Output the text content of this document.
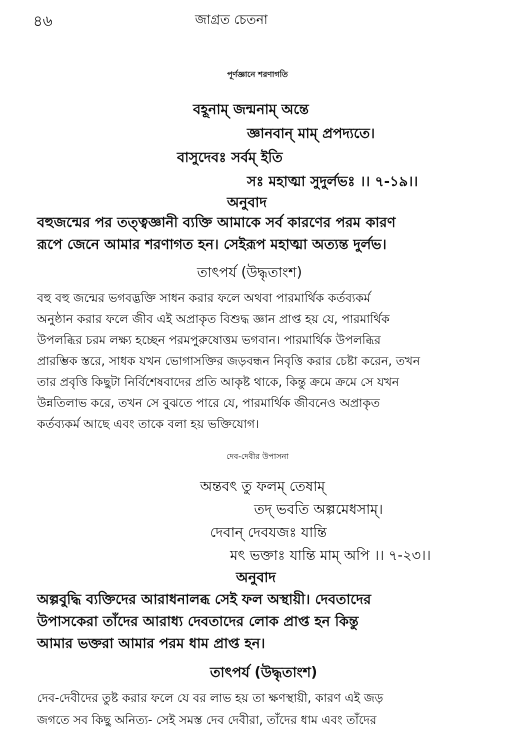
৪৬	জাগ্রত চেতনা
পূর্ণজ্ঞানে শরণাগতি
বহূনাম্ জন্মনাম্ অন্তে
জ্ঞানবান্ মাম্ প্রপদ্যতে।
বাসুদেবঃ সর্বম্ ইতি
সঃ মহাত্মা সুদুর্লভঃ ।। ৭-১৯।।
অনুবাদ
বহুজন্মের পর তত্ত্বজ্ঞানী ব্যক্তি আমাকে সর্ব কারণের পরম কারণ
রূপে জেনে আমার শরণাগত হন। সেইরূপ মহাত্মা অত্যন্ত দুর্লভ।
তাৎপর্য (উদ্ধৃতাংশ)
বহু বহু জন্মের ভগবদ্ভক্তি সাধন করার ফলে অথবা পারমার্থিক কর্তব্যকর্ম
অনুষ্ঠান করার ফলে জীব এই অপ্রাকৃত বিশুদ্ধ জ্ঞান প্রাপ্ত হয় যে, পারমার্থিক
উপলব্ধির চরম লক্ষ্য হচ্ছেন পরমপুরুষোত্তম ভগবান। পারমার্থিক উপলব্ধির
প্রারম্ভিক স্তরে, সাধক যখন ভোগাসক্তির জড়বন্ধন নিবৃত্তি করার চেষ্টা করেন, তখন
তার প্রবৃত্তি কিছুটা নির্বিশেষবাদের প্রতি আকৃষ্ট থাকে, কিন্তু ক্রমে ক্রমে সে যখন
উন্নতিলাভ করে, তখন সে বুঝতে পারে যে, পারমার্থিক জীবনেও অপ্রাকৃত
কর্তব্যকর্ম আছে এবং তাকে বলা হয় ভক্তিযোগ।
দেব-দেবীর উপাসনা
অন্তবৎ তু ফলম্ তেষাম্
তদ্ ভবতি অল্পমেধসাম্।
দেবান্ দেবযজঃ যান্তি
মৎ ভক্তাঃ যান্তি মাম্ অপি ।। ৭-২৩।।
অনুবাদ
অল্পবুদ্ধি ব্যক্তিদের আরাধনালব্ধ সেই ফল অস্থায়ী। দেবতাদের
উপাসকেরা তাঁদের আরাধ্য দেবতাদের লোক প্রাপ্ত হন কিন্তু
আমার ভক্তরা আমার পরম ধাম প্রাপ্ত হন।
তাৎপর্য (উদ্ধৃতাংশ)
দেব-দেবীদের তুষ্ট করার ফলে যে বর লাভ হয় তা ক্ষণস্থায়ী, কারণ এই জড়
জগতে সব কিছু অনিত্য- সেই সমস্ত দেব দেবীরা, তাঁদের ধাম এবং তাঁদের
